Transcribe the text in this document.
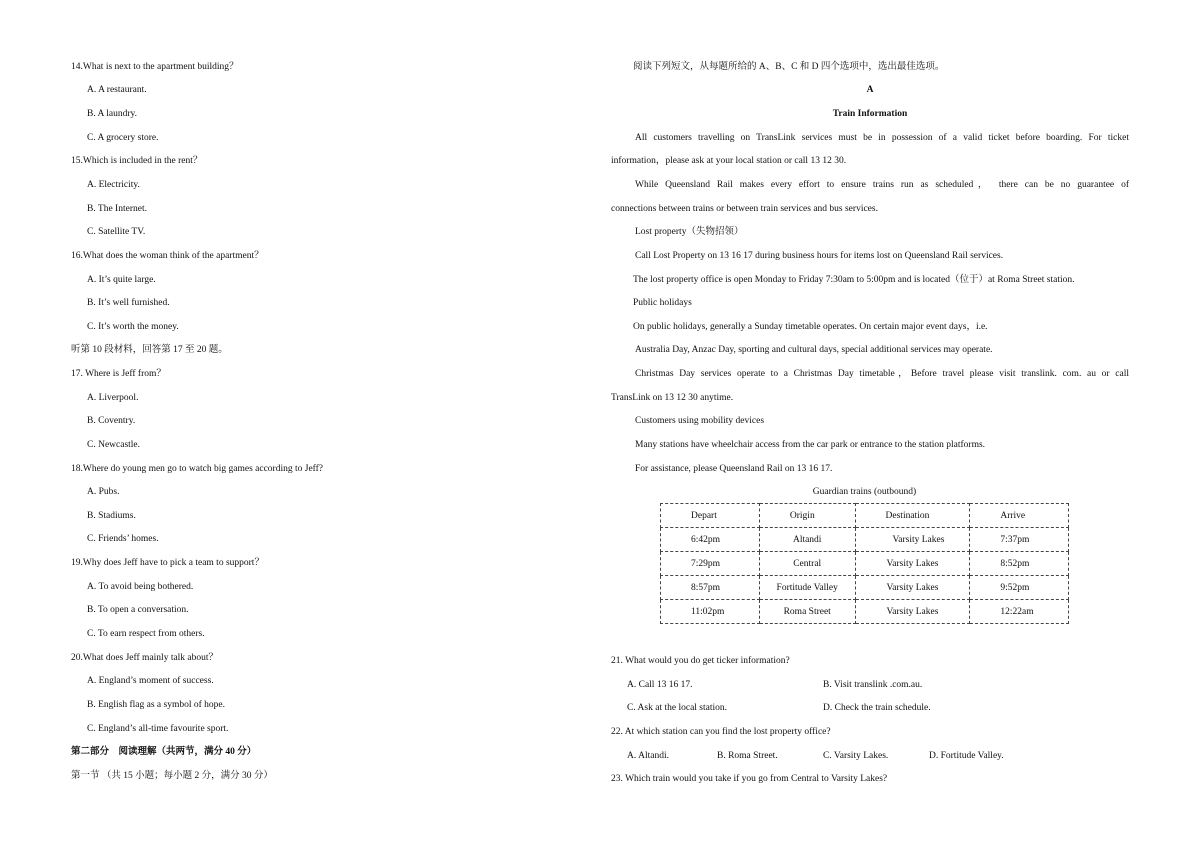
14.What is next to the apartment building？
A. A restaurant.
B. A laundry.
C. A grocery store.
15.Which is included in the rent？
A. Electricity.
B. The Internet.
C. Satellite TV.
16.What does the woman think of the apartment？
A. It’s quite large.
B. It’s well furnished.
C. It’s worth the money.
听第 10 段材料，回答第 17 至 20 题。
17. Where is Jeff from？
A. Liverpool.
B. Coventry.
C. Newcastle.
18.Where do young men go to watch big games according to Jeff?
A. Pubs.
B. Stadiums.
C. Friends’ homes.
19.Why does Jeff have to pick a team to support？
A. To avoid being bothered.
B. To open a conversation.
C. To earn respect from others.
20.What does Jeff mainly talk about？
A. England’s moment of success.
B. English flag as a symbol of hope.
C. England’s all-time favourite sport.
第二部分　阅读理解（共两节，满分 40 分）
第一节 （共 15 小题；每小题 2 分，满分 30 分）
阅读下列短文，从每题所给的 A、B、C 和 D 四个选项中，选出最佳选项。
A
Train Information
All customers travelling on TransLink services must be in possession of a valid ticket before boarding. For ticket
information，please ask at your local station or call 13 12 30.
While Queensland Rail makes every effort to ensure trains run as scheduled， there can be no guarantee of
connections between trains or between train services and bus services.
Lost property（失物招领）
Call Lost Property on 13 16 17 during business hours for items lost on Queensland Rail services.
The lost property office is open Monday to Friday 7:30am to 5:00pm and is located（位于）at Roma Street station.
Public holidays
On public holidays, generally a Sunday timetable operates. On certain major event days，i.e.
Australia Day, Anzac Day, sporting and cultural days, special additional services may operate.
Christmas Day services operate to a Christmas Day timetable，Before travel please visit translink. com. au or call
TransLink on 13 12 30 anytime.
Customers using mobility devices
Many stations have wheelchair access from the car park or entrance to the station platforms.
For assistance, please Queensland Rail on 13 16 17.
Guardian trains (outbound)
Depart	Origin	Destination	Arrive
6:42pm	Altandi	Varsity Lakes	7:37pm
7:29pm	Central	Varsity Lakes	8:52pm
8:57pm	Fortitude Valley	Varsity Lakes	9:52pm
11:02pm	Roma Street	Varsity Lakes	12:22am
21. What would you do get ticker information?
A. Call 13 16 17.	B. Visit translink .com.au.
C. Ask at the local station.	D. Check the train schedule.
22. At which station can you find the lost property office?
A. Altandi.	B. Roma Street.	C. Varsity Lakes.	D. Fortitude Valley.
23. Which train would you take if you go from Central to Varsity Lakes?
